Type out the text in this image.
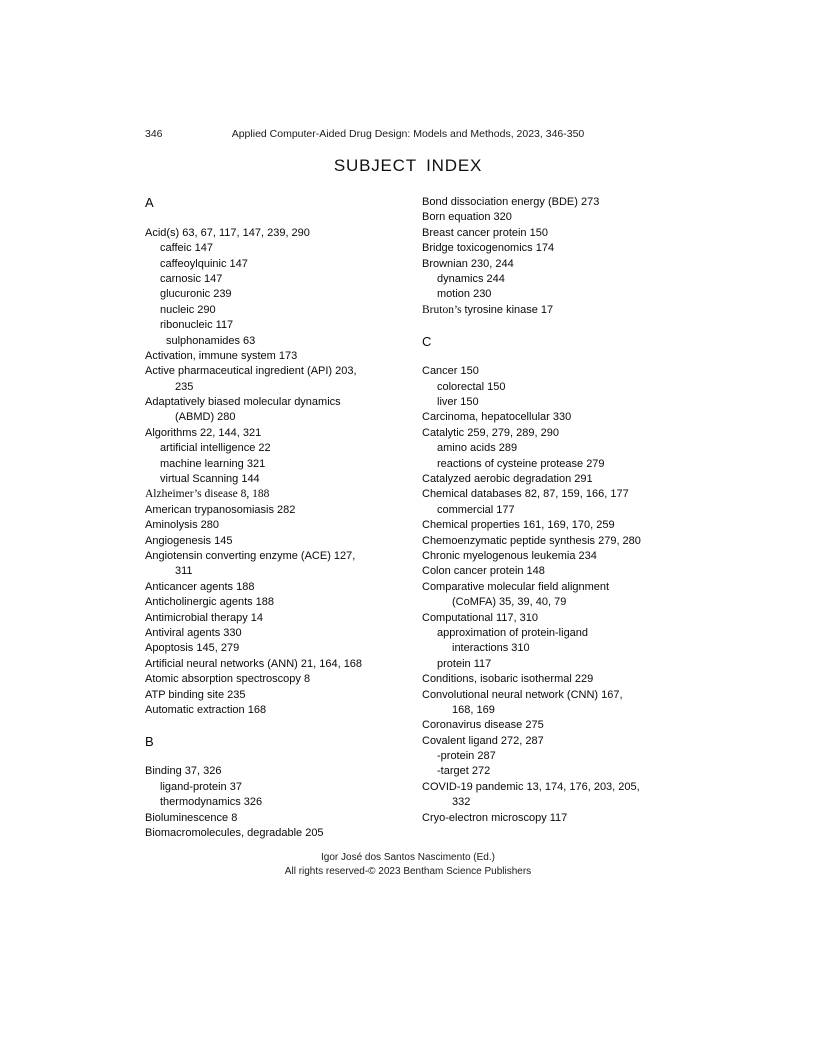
346	Applied Computer-Aided Drug Design: Models and Methods, 2023, 346-350
SUBJECT INDEX
A
Acid(s) 63, 67, 117, 147, 239, 290
caffeic 147
caffeoylquinic 147
carnosic 147
glucuronic 239
nucleic 290
ribonucleic 117
sulphonamides 63
Activation, immune system 173
Active pharmaceutical ingredient (API) 203,
235
Adaptatively biased molecular dynamics
(ABMD) 280
Algorithms 22, 144, 321
artificial intelligence 22
machine learning 321
virtual Scanning 144
Alzheimer’s disease 8, 188
American trypanosomiasis 282
Aminolysis 280
Angiogenesis 145
Angiotensin converting enzyme (ACE) 127,
311
Anticancer agents 188
Anticholinergic agents 188
Antimicrobial therapy 14
Antiviral agents 330
Apoptosis 145, 279
Artificial neural networks (ANN) 21, 164, 168
Atomic absorption spectroscopy 8
ATP binding site 235
Automatic extraction 168
B
Binding 37, 326
ligand-protein 37
thermodynamics 326
Bioluminescence 8
Biomacromolecules, degradable 205
Bond dissociation energy (BDE) 273
Born equation 320
Breast cancer protein 150
Bridge toxicogenomics 174
Brownian 230, 244
dynamics 244
motion 230
Bruton’s tyrosine kinase 17
C
Cancer 150
colorectal 150
liver 150
Carcinoma, hepatocellular 330
Catalytic 259, 279, 289, 290
amino acids 289
reactions of cysteine protease 279
Catalyzed aerobic degradation 291
Chemical databases 82, 87, 159, 166, 177
commercial 177
Chemical properties 161, 169, 170, 259
Chemoenzymatic peptide synthesis 279, 280
Chronic myelogenous leukemia 234
Colon cancer protein 148
Comparative molecular field alignment
(CoMFA) 35, 39, 40, 79
Computational 117, 310
approximation of protein-ligand
interactions 310
protein 117
Conditions, isobaric isothermal 229
Convolutional neural network (CNN) 167,
168, 169
Coronavirus disease 275
Covalent ligand 272, 287
-protein 287
-target 272
COVID-19 pandemic 13, 174, 176, 203, 205,
332
Cryo-electron microscopy 117
Igor José dos Santos Nascimento (Ed.)
All rights reserved-© 2023 Bentham Science Publishers
